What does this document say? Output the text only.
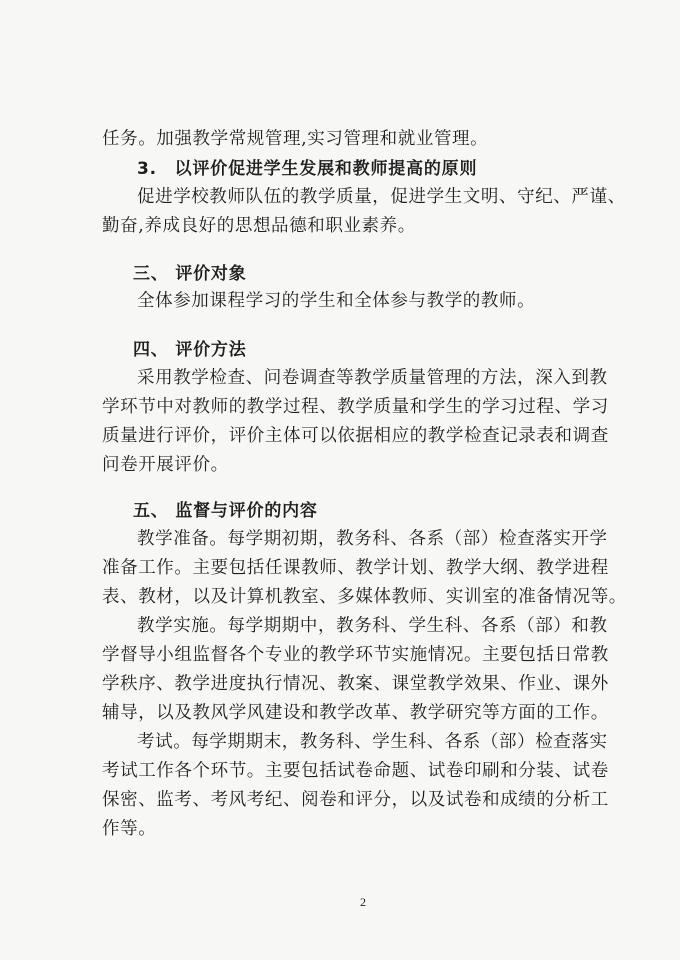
任务。加强教学常规管理,实习管理和就业管理。
3.　以评价促进学生发展和教师提高的原则
促进学校教师队伍的教学质量，促进学生文明、守纪、严谨、
勤奋,养成良好的思想品德和职业素养。
三、 评价对象
全体参加课程学习的学生和全体参与教学的教师。
四、 评价方法
采用教学检查、问卷调查等教学质量管理的方法，深入到教
学环节中对教师的教学过程、教学质量和学生的学习过程、学习
质量进行评价，评价主体可以依据相应的教学检查记录表和调查
问卷开展评价。
五、 监督与评价的内容
教学准备。每学期初期，教务科、各系（部）检查落实开学
准备工作。主要包括任课教师、教学计划、教学大纲、教学进程
表、教材，以及计算机教室、多媒体教师、实训室的准备情况等。
教学实施。每学期期中，教务科、学生科、各系（部）和教
学督导小组监督各个专业的教学环节实施情况。主要包括日常教
学秩序、教学进度执行情况、教案、课堂教学效果、作业、课外
辅导，以及教风学风建设和教学改革、教学研究等方面的工作。
考试。每学期期末，教务科、学生科、各系（部）检查落实
考试工作各个环节。主要包括试卷命题、试卷印刷和分装、试卷
保密、监考、考风考纪、阅卷和评分，以及试卷和成绩的分析工
作等。
2
